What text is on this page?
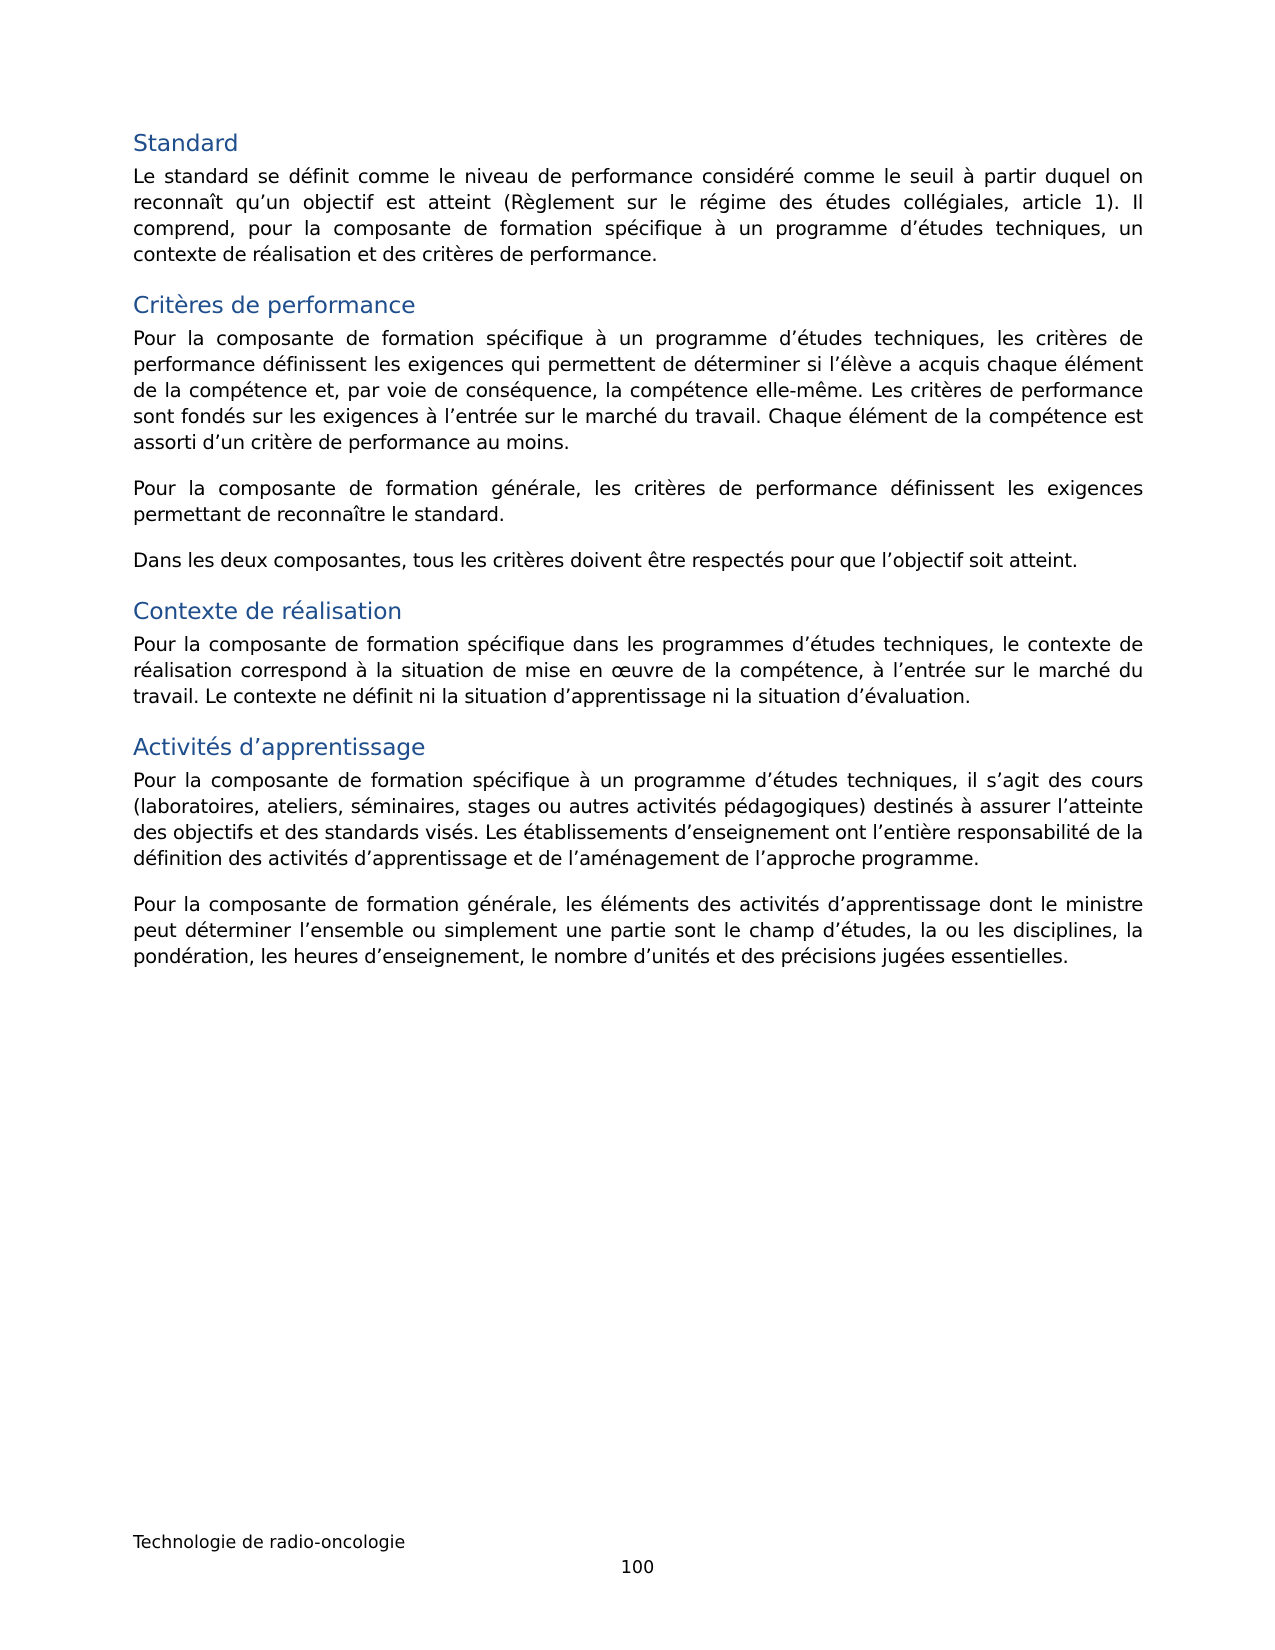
Standard

Le standard se définit comme le niveau de performance considéré comme le seuil à partir duquel on reconnaît qu’un objectif est atteint (Règlement sur le régime des études collégiales, article 1). Il comprend, pour la composante de formation spécifique à un programme d’études techniques, un contexte de réalisation et des critères de performance.

Critères de performance

Pour la composante de formation spécifique à un programme d’études techniques, les critères de performance définissent les exigences qui permettent de déterminer si l’élève a acquis chaque élément de la compétence et, par voie de conséquence, la compétence elle-même. Les critères de performance sont fondés sur les exigences à l’entrée sur le marché du travail. Chaque élément de la compétence est assorti d’un critère de performance au moins.

Pour la composante de formation générale, les critères de performance définissent les exigences permettant de reconnaître le standard.

Dans les deux composantes, tous les critères doivent être respectés pour que l’objectif soit atteint.

Contexte de réalisation

Pour la composante de formation spécifique dans les programmes d’études techniques, le contexte de réalisation correspond à la situation de mise en œuvre de la compétence, à l’entrée sur le marché du travail. Le contexte ne définit ni la situation d’apprentissage ni la situation d’évaluation.

Activités d’apprentissage

Pour la composante de formation spécifique à un programme d’études techniques, il s’agit des cours (laboratoires, ateliers, séminaires, stages ou autres activités pédagogiques) destinés à assurer l’atteinte des objectifs et des standards visés. Les établissements d’enseignement ont l’entière responsabilité de la définition des activités d’apprentissage et de l’aménagement de l’approche programme.

Pour la composante de formation générale, les éléments des activités d’apprentissage dont le ministre peut déterminer l’ensemble ou simplement une partie sont le champ d’études, la ou les disciplines, la pondération, les heures d’enseignement, le nombre d’unités et des précisions jugées essentielles.

Technologie de radio-oncologie
100
